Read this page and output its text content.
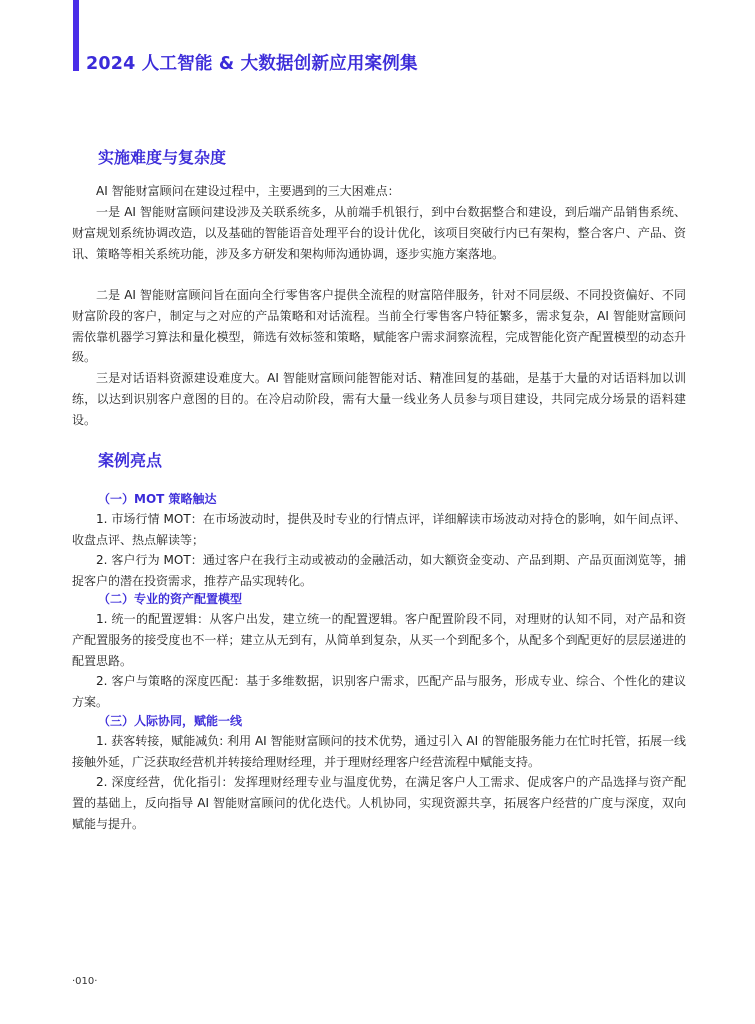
2024 人工智能 & 大数据创新应用案例集
实施难度与复杂度

AI 智能财富顾问在建设过程中，主要遇到的三大困难点：

一是 AI 智能财富顾问建设涉及关联系统多，从前端手机银行，到中台数据整合和建设，到后端产品销售系统、财富规划系统协调改造，以及基础的智能语音处理平台的设计优化，该项目突破行内已有架构，整合客户、产品、资讯、策略等相关系统功能，涉及多方研发和架构师沟通协调，逐步实施方案落地。

二是 AI 智能财富顾问旨在面向全行零售客户提供全流程的财富陪伴服务，针对不同层级、不同投资偏好、不同财富阶段的客户，制定与之对应的产品策略和对话流程。当前全行零售客户特征繁多，需求复杂，AI 智能财富顾问需依靠机器学习算法和量化模型，筛选有效标签和策略，赋能客户需求洞察流程，完成智能化资产配置模型的动态升级。

三是对话语料资源建设难度大。AI 智能财富顾问能智能对话、精准回复的基础，是基于大量的对话语料加以训练，以达到识别客户意图的目的。在冷启动阶段，需有大量一线业务人员参与项目建设，共同完成分场景的语料建设。

案例亮点
（一）MOT 策略触达

1. 市场行情 MOT：在市场波动时，提供及时专业的行情点评，详细解读市场波动对持仓的影响，如午间点评、收盘点评、热点解读等；

2. 客户行为 MOT：通过客户在我行主动或被动的金融活动，如大额资金变动、产品到期、产品页面浏览等，捕捉客户的潜在投资需求，推荐产品实现转化。

（二）专业的资产配置模型

1. 统一的配置逻辑：从客户出发，建立统一的配置逻辑。客户配置阶段不同，对理财的认知不同，对产品和资产配置服务的接受度也不一样；建立从无到有，从简单到复杂，从买一个到配多个，从配多个到配更好的层层递进的配置思路。

2. 客户与策略的深度匹配：基于多维数据，识别客户需求，匹配产品与服务，形成专业、综合、个性化的建议方案。

（三）人际协同，赋能一线

1. 获客转接，赋能减负: 利用 AI 智能财富顾问的技术优势，通过引入 AI 的智能服务能力在忙时托管，拓展一线接触外延，广泛获取经营机并转接给理财经理，并于理财经理客户经营流程中赋能支持。

2. 深度经营，优化指引：发挥理财经理专业与温度优势，在满足客户人工需求、促成客户的产品选择与资产配置的基础上，反向指导 AI 智能财富顾问的优化迭代。人机协同，实现资源共享，拓展客户经营的广度与深度，双向赋能与提升。

·010·
